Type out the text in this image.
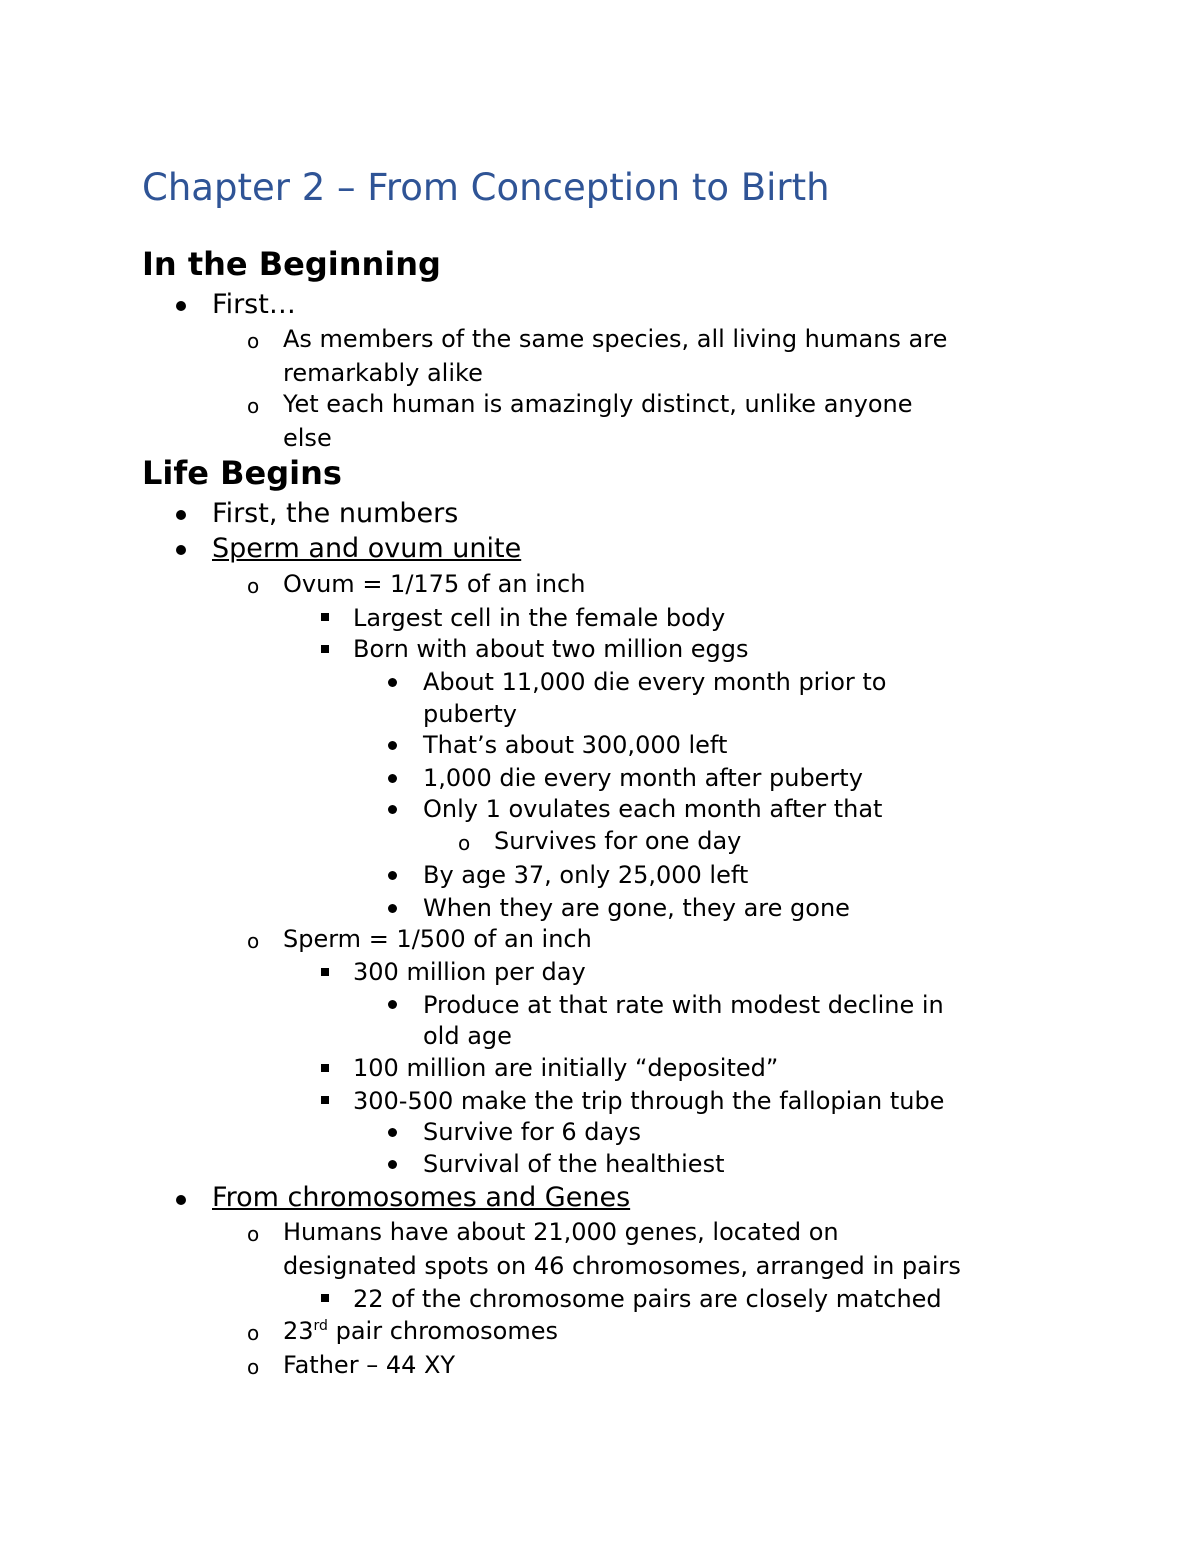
Chapter 2 – From Conception to Birth
In the Beginning
First…
o As members of the same species, all living humans are
remarkably alike
o Yet each human is amazingly distinct, unlike anyone
else
Life Begins
First, the numbers
Sperm and ovum unite
o Ovum = 1/175 of an inch
Largest cell in the female body
Born with about two million eggs
About 11,000 die every month prior to
puberty
That’s about 300,000 left
1,000 die every month after puberty
Only 1 ovulates each month after that
o Survives for one day
By age 37, only 25,000 left
When they are gone, they are gone
o Sperm = 1/500 of an inch
300 million per day
Produce at that rate with modest decline in
old age
100 million are initially “deposited”
300-500 make the trip through the fallopian tube
Survive for 6 days
Survival of the healthiest
From chromosomes and Genes
o Humans have about 21,000 genes, located on
designated spots on 46 chromosomes, arranged in pairs
22 of the chromosome pairs are closely matched
o 23rd pair chromosomes
o Father – 44 XY
